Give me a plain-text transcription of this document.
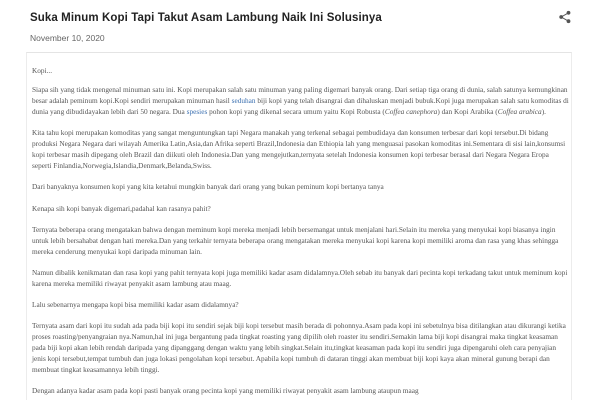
Suka Minum Kopi Tapi Takut Asam Lambung Naik Ini Solusinya
November 10, 2020

Kopi...

Siapa sih yang tidak mengenal minuman satu ini. Kopi merupakan salah satu minuman yang paling digemari banyak orang. Dari setiap tiga orang di dunia, salah satunya kemungkinan besar adalah peminum kopi.Kopi sendiri merupakan minuman hasil seduhan biji kopi yang telah disangrai dan dihaluskan menjadi bubuk.Kopi juga merupakan salah satu komoditas di dunia yang dibudidayakan lebih dari 50 negara. Dua spesies pohon kopi yang dikenal secara umum yaitu Kopi Robusta (Coffea canephora) dan Kopi Arabika (Coffea arabica).

Kita tahu kopi merupakan komoditas yang sangat menguntungkan tapi Negara manakah yang terkenal sebagai pembudidaya dan konsumen terbesar dari kopi tersebut.Di bidang produksi Negara Negara dari wilayah Amerika Latin,Asia,dan Afrika seperti Brazil,Indonesia dan Ethiopia lah yang menguasai pasokan komoditas ini.Sementara di sisi lain,konsumsi kopi terbesar masih dipegang oleh Brazil dan diikuti oleh Indonesia.Dan yang mengejutkan,ternyata setelah Indonesia konsumen kopi terbesar berasal dari Negara Negara Eropa seperti Finlandia,Norwegia,Islandia,Denmark,Belanda,Swiss.

Dari banyaknya konsumen kopi yang kita ketahui mungkin banyak dari orang yang bukan peminum kopi bertanya tanya

Kenapa sih kopi banyak digemari,padahal kan rasanya pahit?

Ternyata beberapa orang mengatakan bahwa dengan meminum kopi mereka menjadi lebih bersemangat untuk menjalani hari.Selain itu mereka yang menyukai kopi biasanya ingin untuk lebih bersahabat dengan hati mereka.Dan yang terkahir ternyata beberapa orang mengatakan mereka menyukai kopi karena kopi memiliki aroma dan rasa yang khas sehingga mereka cenderung menyukai kopi daripada minuman lain.

Namun dibalik kenikmatan dan rasa kopi yang pahit ternyata kopi juga memiliki kadar asam didalamnya.Oleh sebab itu banyak dari pecinta kopi terkadang takut untuk meminum kopi karena mereka memiliki riwayat penyakit asam lambung atau maag.

Lalu sebenarnya mengapa kopi bisa memiliki kadar asam didalamnya?

Ternyata asam dari kopi itu sudah ada pada biji kopi itu sendiri sejak biji kopi tersebut masih berada di pohonnya.Asam pada kopi ini sebetulnya bisa ditilangkan atau dikurangi ketika proses roasting/penyangraian nya.Namun,hal ini juga bergantung pada tingkat roasting yang dipilih oleh roaster itu sendiri.Semakin lama biji kopi disangrai maka tingkat keasaman pada biji kopi akan lebih rendah daripada yang dipanggang dengan waktu yang lebih singkat.Selain itu,tingkat keasaman pada kopi itu sendiri juga dipengaruhi oleh cara penyajian jenis kopi tersebut,tempat tumbuh dan juga lokasi pengolahan kopi tersebut. Apabila kopi tumbuh di dataran tinggi akan membuat biji kopi kaya akan mineral gunung berapi dan membuat tingkat keasamannya lebih tinggi.

Dengan adanya kadar asam pada kopi pasti banyak orang pecinta kopi yang memiliki riwayat penyakit asam lambung ataupun maag
